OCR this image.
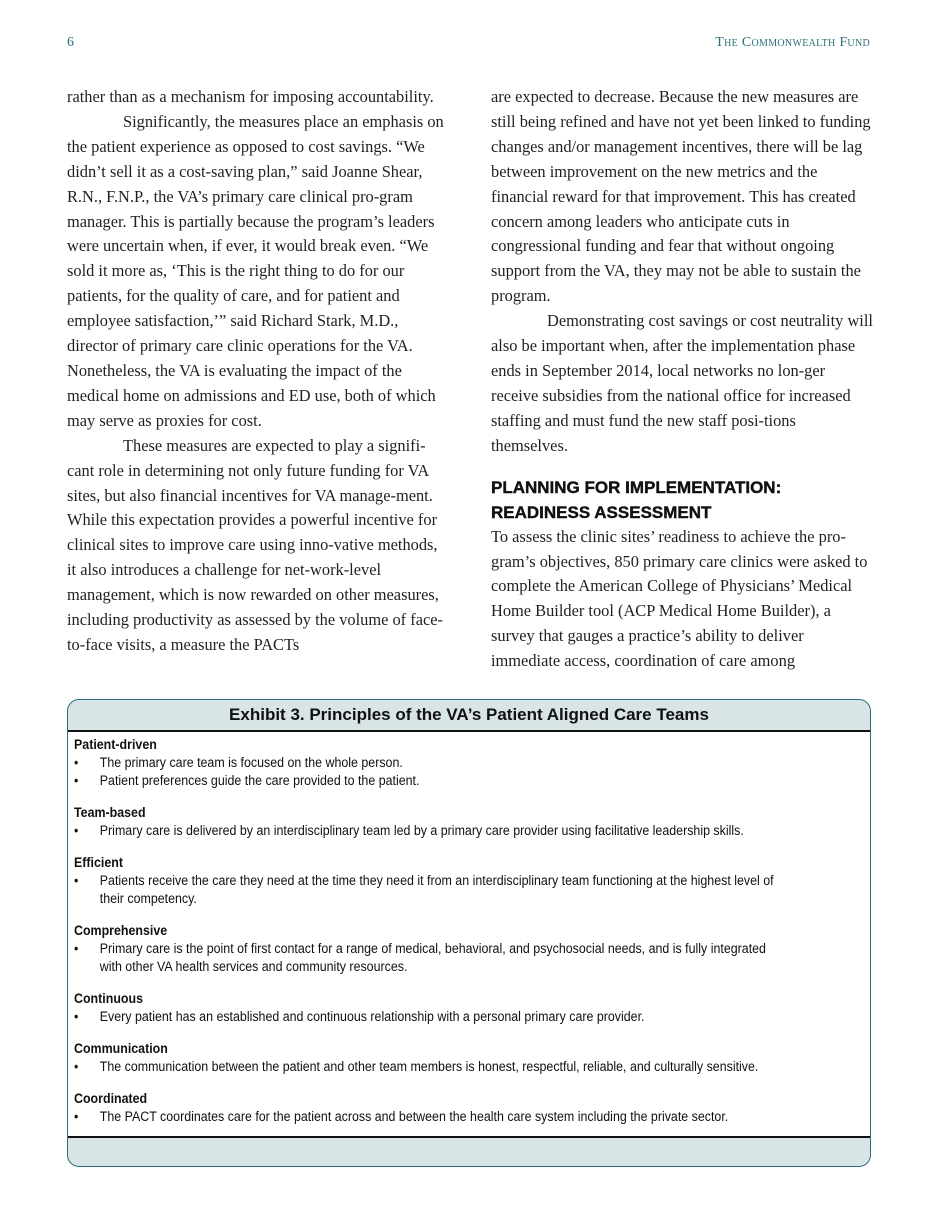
6	The Commonwealth Fund

rather than as a mechanism for imposing accountability.

Significantly, the measures place an emphasis on the patient experience as opposed to cost savings. “We didn’t sell it as a cost-saving plan,” said Joanne Shear, R.N., F.N.P., the VA’s primary care clinical pro-gram manager. This is partially because the program’s leaders were uncertain when, if ever, it would break even. “We sold it more as, ‘This is the right thing to do for our patients, for the quality of care, and for patient and employee satisfaction,’” said Richard Stark, M.D., director of primary care clinic operations for the VA. Nonetheless, the VA is evaluating the impact of the medical home on admissions and ED use, both of which may serve as proxies for cost.

These measures are expected to play a signifi-cant role in determining not only future funding for VA sites, but also financial incentives for VA manage-ment. While this expectation provides a powerful incentive for clinical sites to improve care using inno-vative methods, it also introduces a challenge for net-work-level management, which is now rewarded on other measures, including productivity as assessed by the volume of face-to-face visits, a measure the PACTs

are expected to decrease. Because the new measures are still being refined and have not yet been linked to funding changes and/or management incentives, there will be lag between improvement on the new metrics and the financial reward for that improvement. This has created concern among leaders who anticipate cuts in congressional funding and fear that without ongoing support from the VA, they may not be able to sustain the program.

Demonstrating cost savings or cost neutrality will also be important when, after the implementation phase ends in September 2014, local networks no lon-ger receive subsidies from the national office for increased staffing and must fund the new staff posi-tions themselves.

PLANNING FOR IMPLEMENTATION:
READINESS ASSESSMENT

To assess the clinic sites’ readiness to achieve the pro-gram’s objectives, 850 primary care clinics were asked to complete the American College of Physicians’ Medical Home Builder tool (ACP Medical Home Builder), a survey that gauges a practice’s ability to deliver immediate access, coordination of care among

Exhibit 3. Principles of the VA’s Patient Aligned Care Teams
Patient-driven
• The primary care team is focused on the whole person.
• Patient preferences guide the care provided to the patient.
Team-based
• Primary care is delivered by an interdisciplinary team led by a primary care provider using facilitative leadership skills.
Efficient
• Patients receive the care they need at the time they need it from an interdisciplinary team functioning at the highest level of their competency.
Comprehensive
• Primary care is the point of first contact for a range of medical, behavioral, and psychosocial needs, and is fully integrated with other VA health services and community resources.
Continuous
• Every patient has an established and continuous relationship with a personal primary care provider.
Communication
• The communication between the patient and other team members is honest, respectful, reliable, and culturally sensitive.
Coordinated
• The PACT coordinates care for the patient across and between the health care system including the private sector.
